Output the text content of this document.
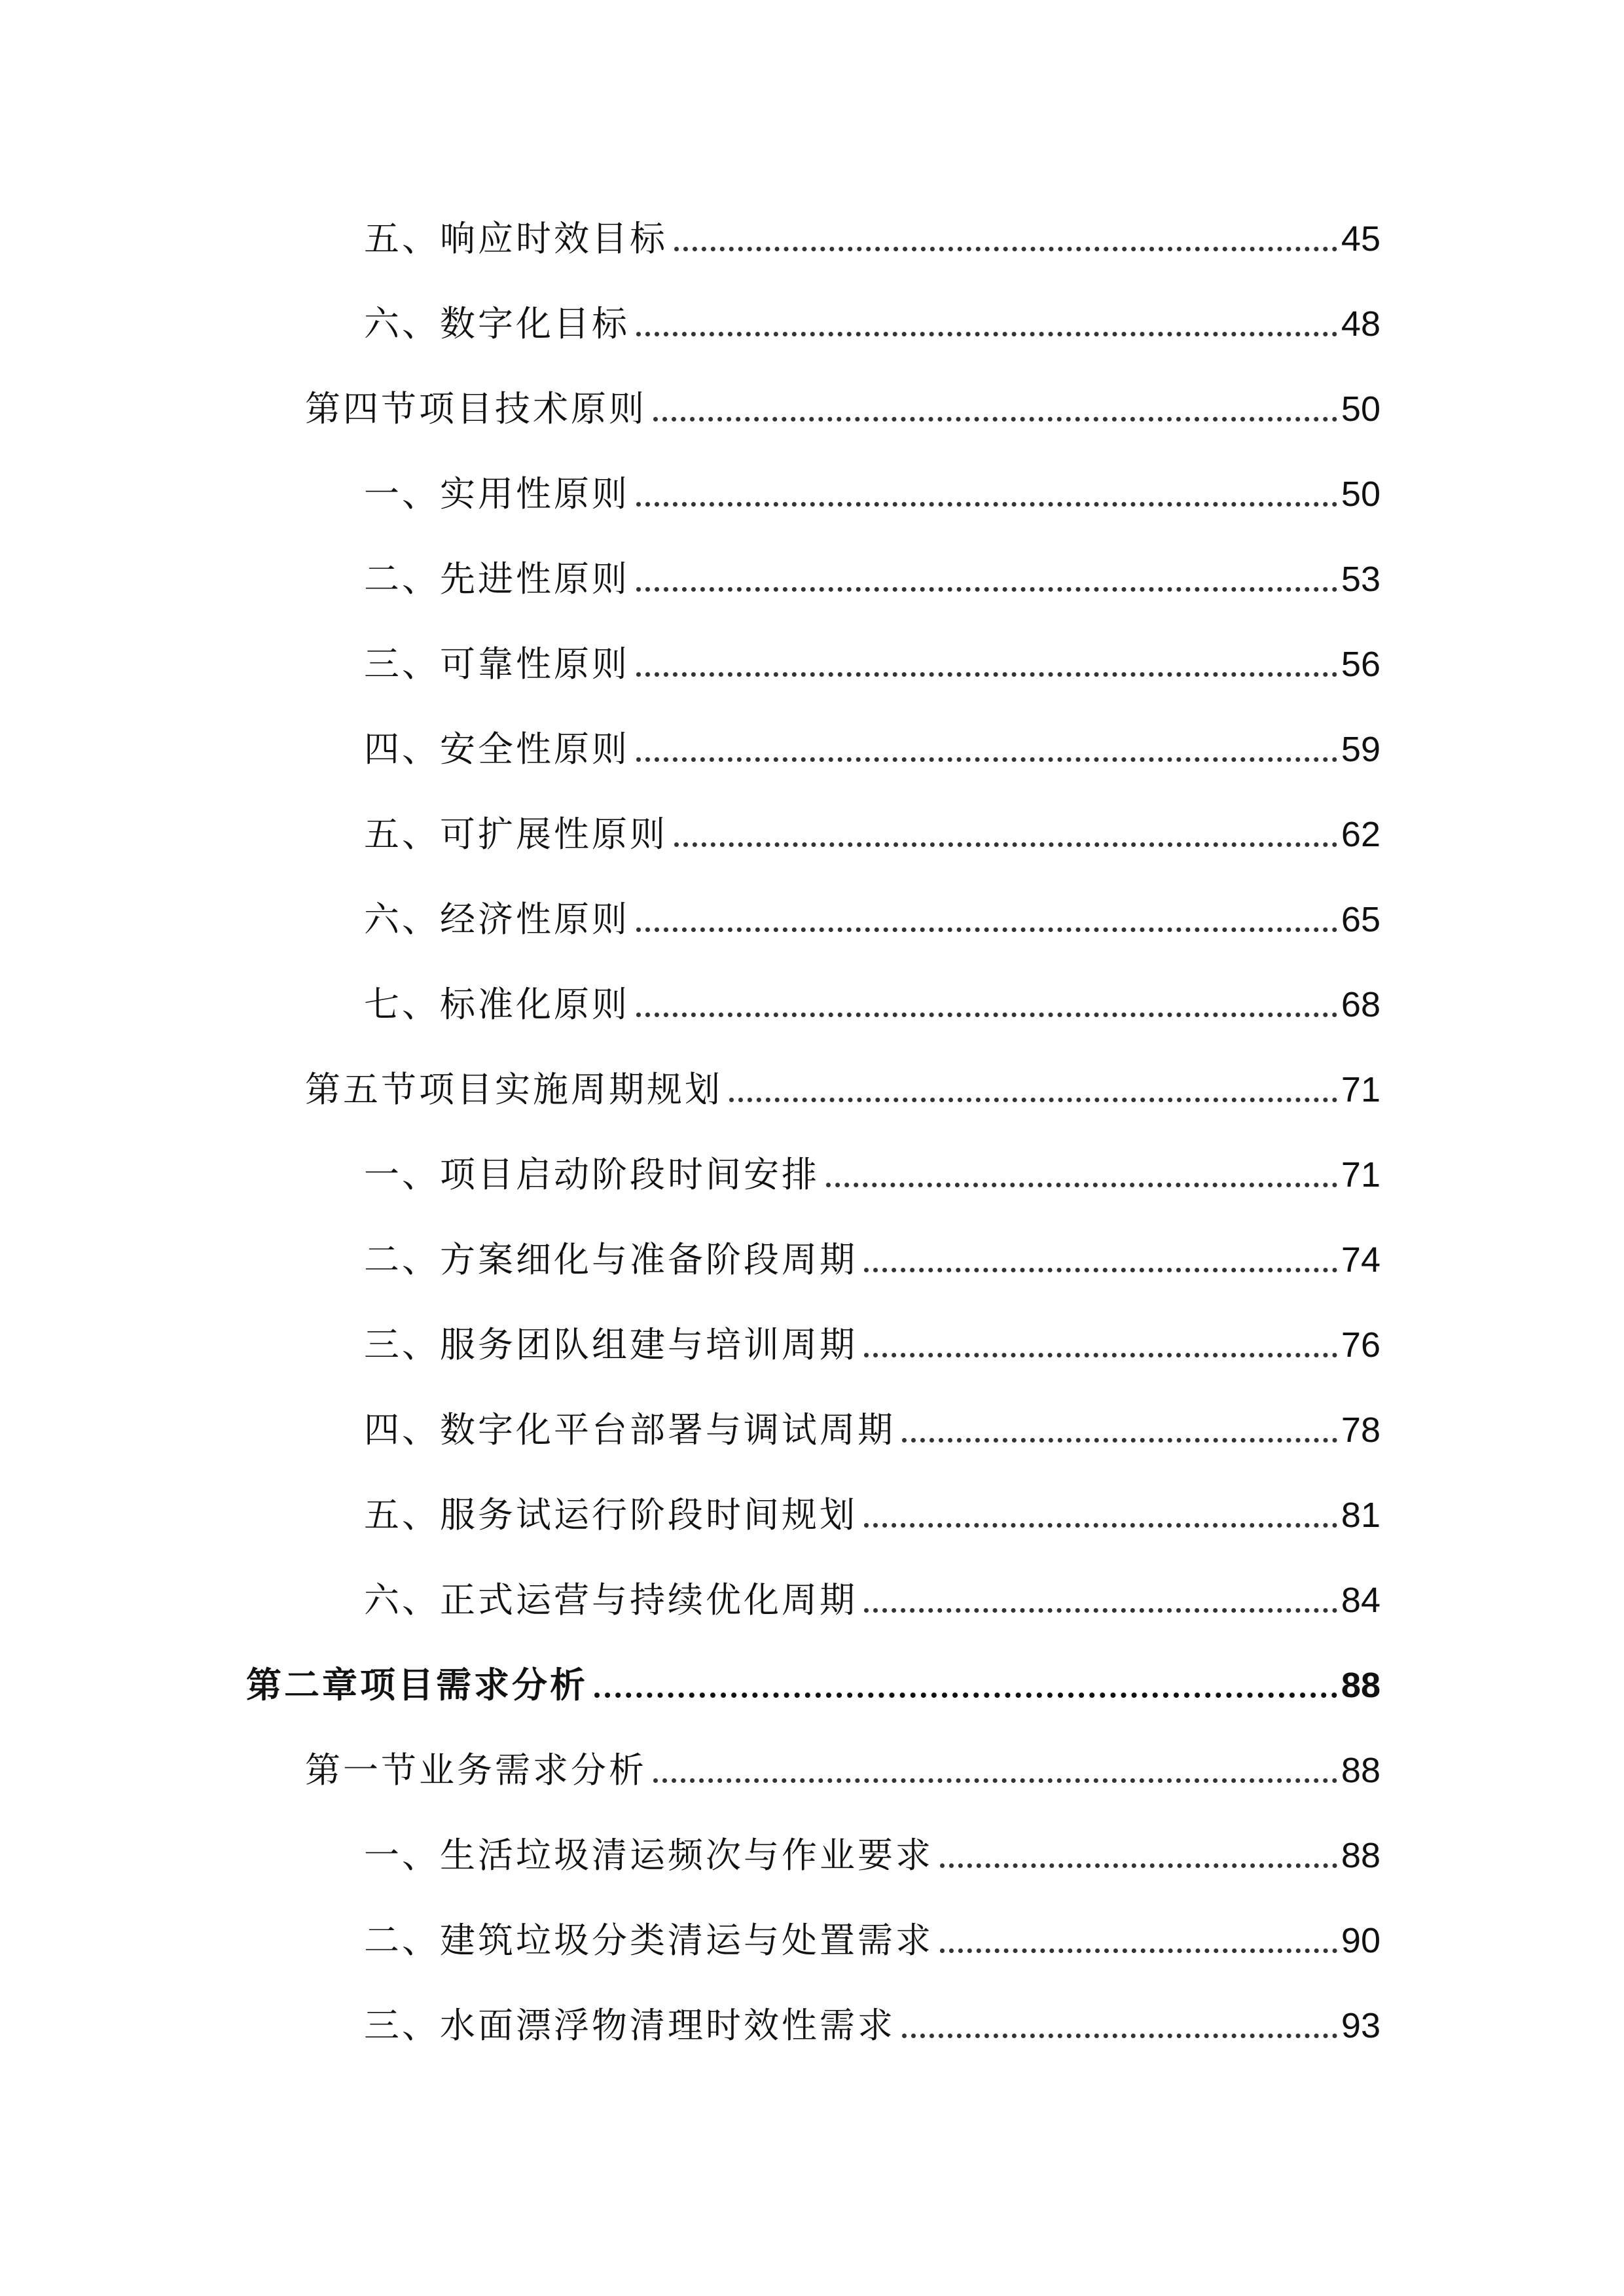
五、响应时效目标	45
六、数字化目标	48
第四节项目技术原则	50
一、实用性原则	50
二、先进性原则	53
三、可靠性原则	56
四、安全性原则	59
五、可扩展性原则	62
六、经济性原则	65
七、标准化原则	68
第五节项目实施周期规划	71
一、项目启动阶段时间安排	71
二、方案细化与准备阶段周期	74
三、服务团队组建与培训周期	76
四、数字化平台部署与调试周期	78
五、服务试运行阶段时间规划	81
六、正式运营与持续优化周期	84
第二章项目需求分析	88
第一节业务需求分析	88
一、生活垃圾清运频次与作业要求	88
二、建筑垃圾分类清运与处置需求	90
三、水面漂浮物清理时效性需求	93
